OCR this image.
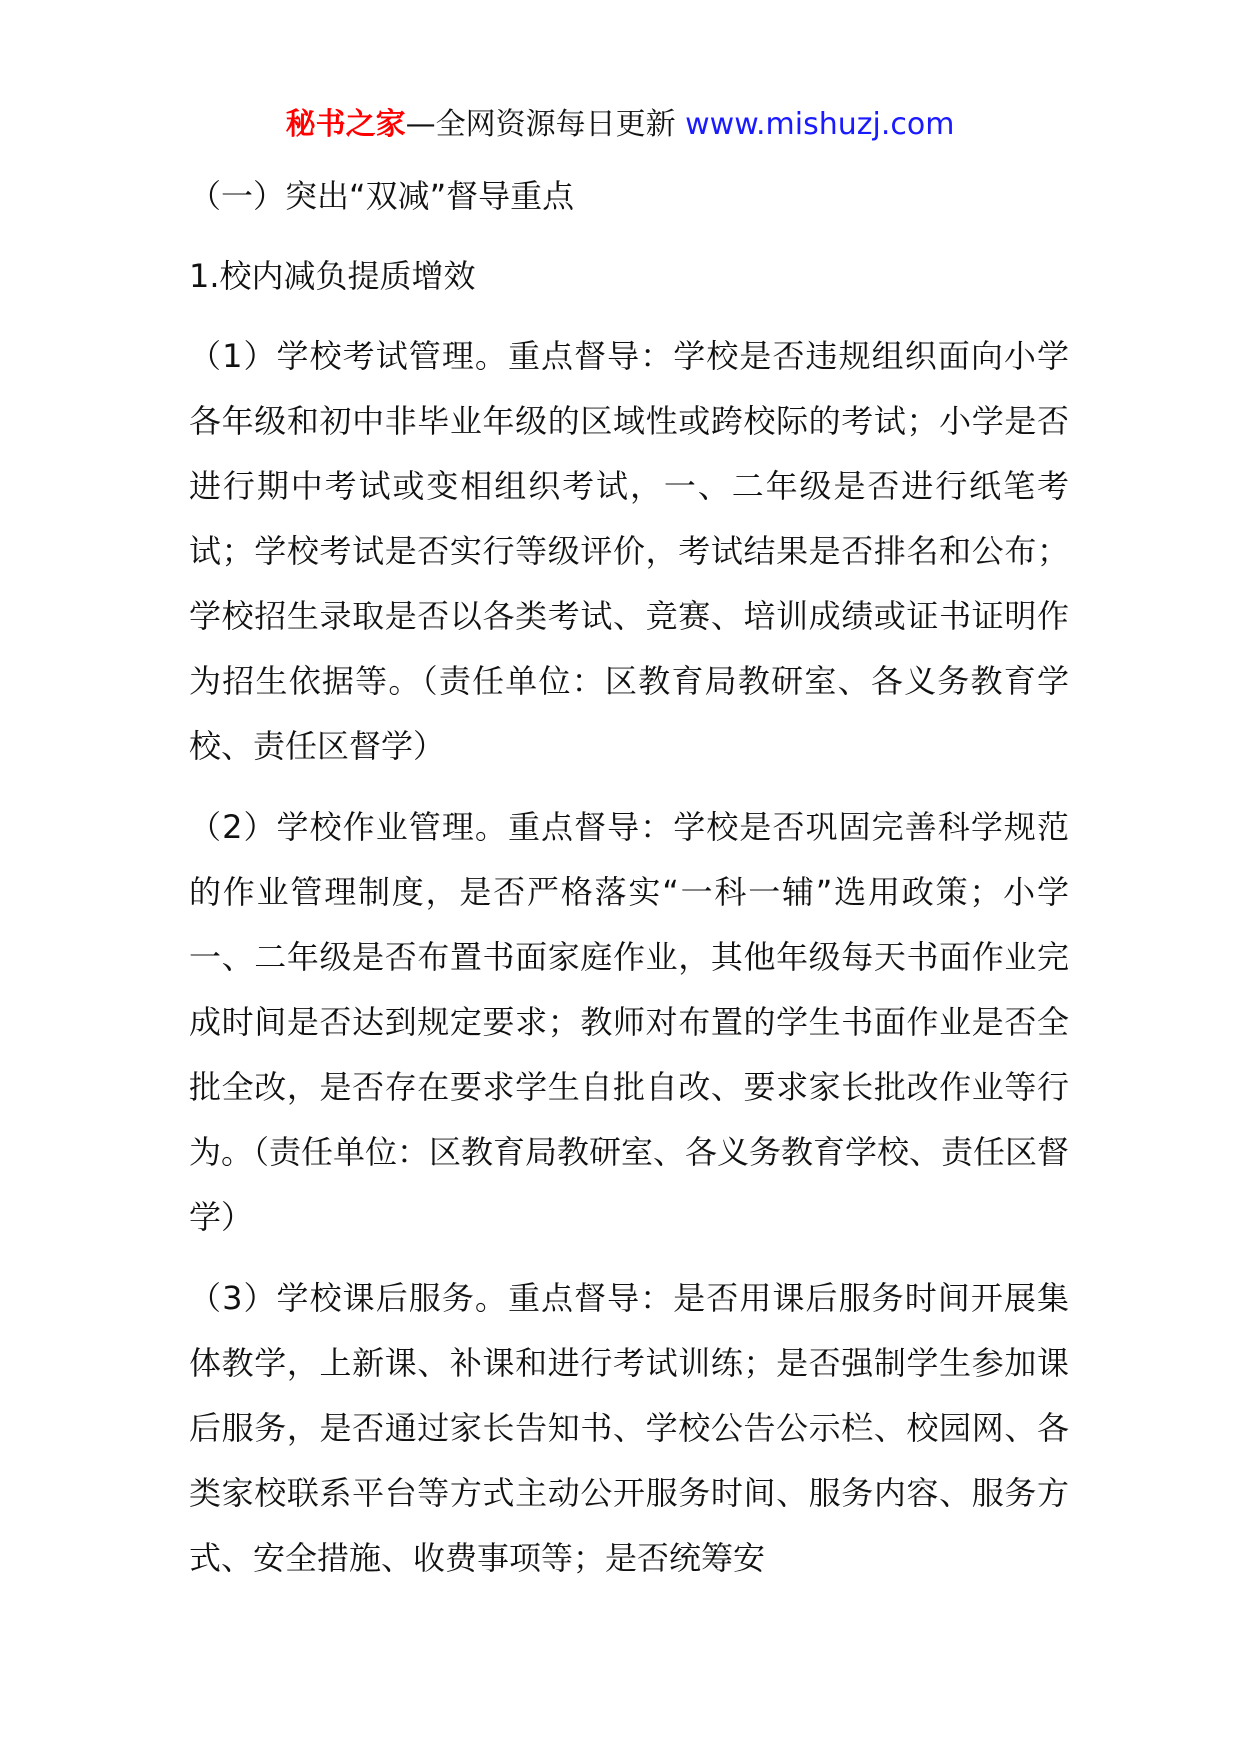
秘书之家—全网资源每日更新 www.mishuzj.com

（一）突出“双减”督导重点

1.校内减负提质增效

（1）学校考试管理。重点督导：学校是否违规组织面向小学各年级和初中非毕业年级的区域性或跨校际的考试；小学是否进行期中考试或变相组织考试，一、二年级是否进行纸笔考试；学校考试是否实行等级评价，考试结果是否排名和公布；学校招生录取是否以各类考试、竞赛、培训成绩或证书证明作为招生依据等。（责任单位：区教育局教研室、各义务教育学校、责任区督学）

（2）学校作业管理。重点督导：学校是否巩固完善科学规范的作业管理制度，是否严格落实“一科一辅”选用政策；小学一、二年级是否布置书面家庭作业，其他年级每天书面作业完成时间是否达到规定要求；教师对布置的学生书面作业是否全批全改，是否存在要求学生自批自改、要求家长批改作业等行为。（责任单位：区教育局教研室、各义务教育学校、责任区督学）

（3）学校课后服务。重点督导：是否用课后服务时间开展集体教学，上新课、补课和进行考试训练；是否强制学生参加课后服务，是否通过家长告知书、学校公告公示栏、校园网、各类家校联系平台等方式主动公开服务时间、服务内容、服务方式、安全措施、收费事项等；是否统筹安
